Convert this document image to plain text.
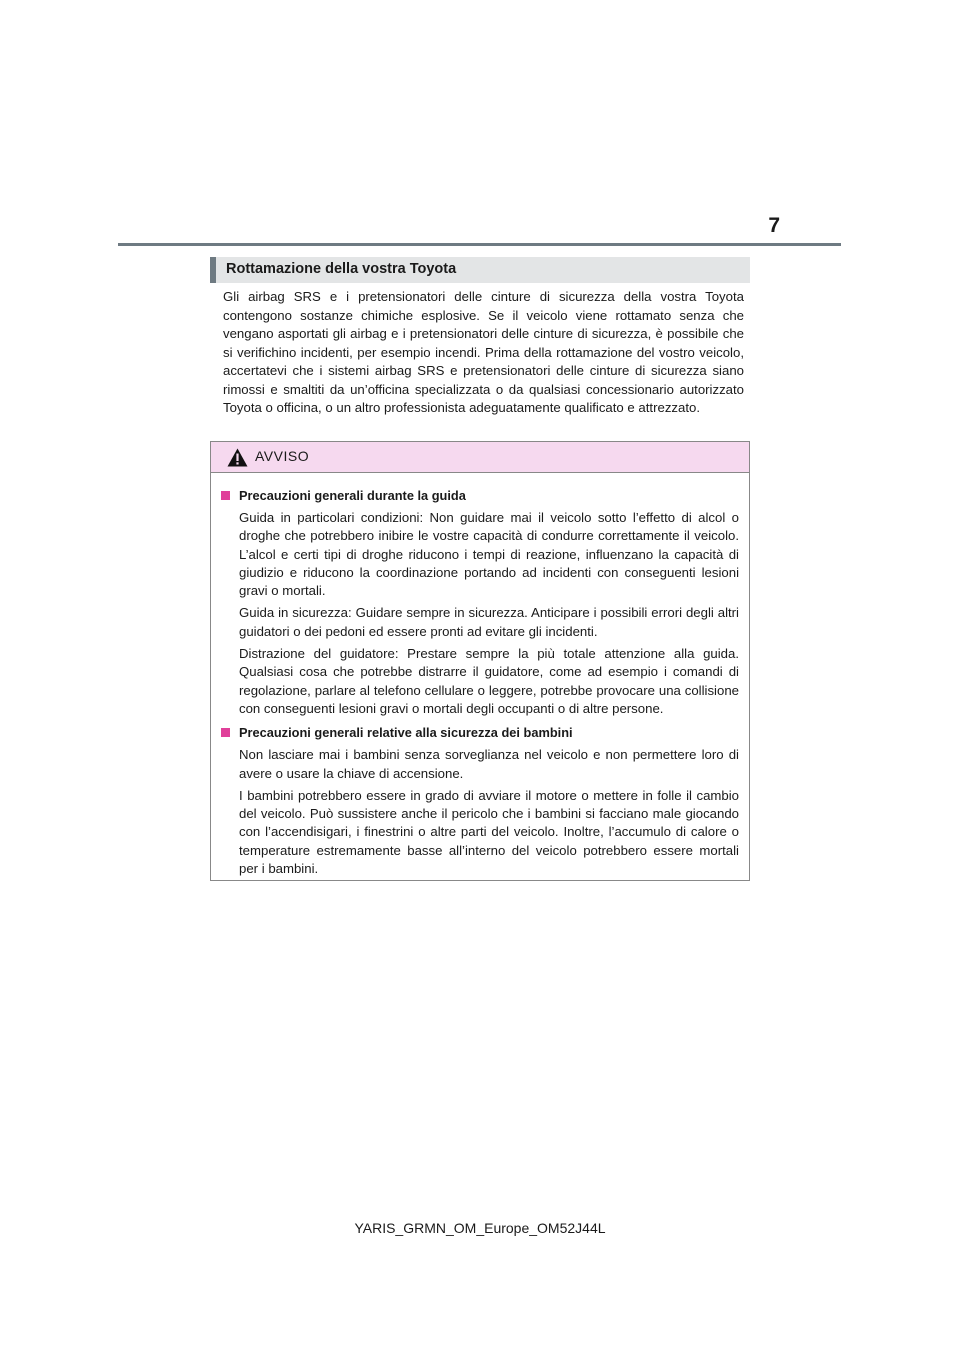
7
Rottamazione della vostra Toyota

Gli airbag SRS e i pretensionatori delle cinture di sicurezza della vostra Toyota contengono sostanze chimiche esplosive. Se il veicolo viene rottamato senza che vengano asportati gli airbag e i pretensionatori delle cinture di sicurezza, è possibile che si verifichino incidenti, per esempio incendi. Prima della rottamazione del vostro veicolo, accertatevi che i sistemi airbag SRS e pretensionatori delle cinture di sicurezza siano rimossi e smaltiti da un’officina specializzata o da qualsiasi concessionario autorizzato Toyota o officina, o un altro professionista adeguatamente qualificato e attrezzato.

AVVISO

Precauzioni generali durante la guida

Guida in particolari condizioni: Non guidare mai il veicolo sotto l’effetto di alcol o droghe che potrebbero inibire le vostre capacità di condurre correttamente il veicolo. L’alcol e certi tipi di droghe riducono i tempi di reazione, influenzano la capacità di giudizio e riducono la coordinazione portando ad incidenti con conseguenti lesioni gravi o mortali.

Guida in sicurezza: Guidare sempre in sicurezza. Anticipare i possibili errori degli altri guidatori o dei pedoni ed essere pronti ad evitare gli incidenti.

Distrazione del guidatore: Prestare sempre la più totale attenzione alla guida. Qualsiasi cosa che potrebbe distrarre il guidatore, come ad esempio i comandi di regolazione, parlare al telefono cellulare o leggere, potrebbe provocare una collisione con conseguenti lesioni gravi o mortali degli occupanti o di altre persone.

Precauzioni generali relative alla sicurezza dei bambini

Non lasciare mai i bambini senza sorveglianza nel veicolo e non permettere loro di avere o usare la chiave di accensione.

I bambini potrebbero essere in grado di avviare il motore o mettere in folle il cambio del veicolo. Può sussistere anche il pericolo che i bambini si facciano male giocando con l’accendisigari, i finestrini o altre parti del veicolo. Inoltre, l’accumulo di calore o temperature estremamente basse all’interno del veicolo potrebbero essere mortali per i bambini.

YARIS_GRMN_OM_Europe_OM52J44L
